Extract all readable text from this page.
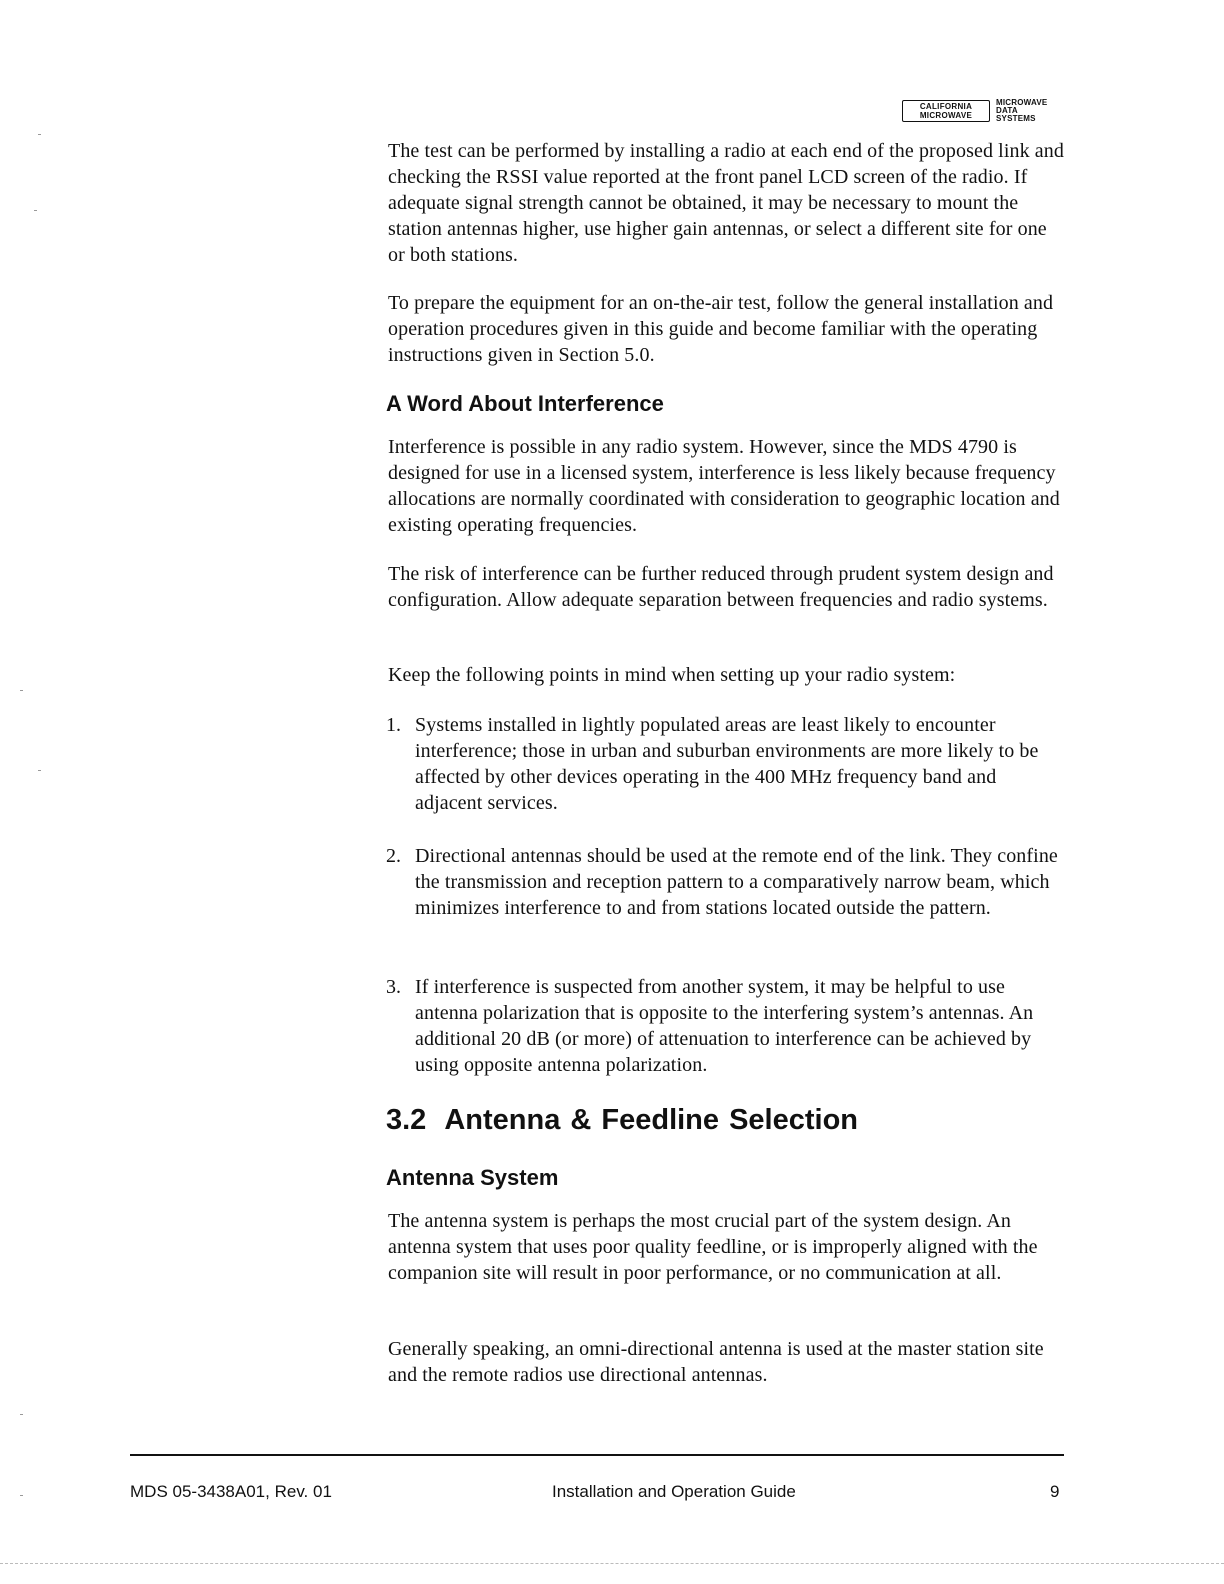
CALIFORNIA
MICROWAVE
MICROWAVE
DATA
SYSTEMS

The test can be performed by installing a radio at each end of the proposed link and checking the RSSI value reported at the front panel LCD screen of the radio. If adequate signal strength cannot be obtained, it may be necessary to mount the station antennas higher, use higher gain antennas, or select a different site for one or both stations.

To prepare the equipment for an on-the-air test, follow the general installation and operation procedures given in this guide and become familiar with the operating instructions given in Section 5.0.

A Word About Interference

Interference is possible in any radio system. However, since the MDS 4790 is designed for use in a licensed system, interference is less likely because frequency allocations are normally coordinated with consideration to geographic location and existing operating frequencies.

The risk of interference can be further reduced through prudent system design and configuration. Allow adequate separation between frequencies and radio systems.

Keep the following points in mind when setting up your radio system:

1. Systems installed in lightly populated areas are least likely to encounter interference; those in urban and suburban environments are more likely to be affected by other devices operating in the 400 MHz frequency band and adjacent services.

2. Directional antennas should be used at the remote end of the link. They confine the transmission and reception pattern to a comparatively narrow beam, which minimizes interference to and from stations located outside the pattern.

3. If interference is suspected from another system, it may be helpful to use antenna polarization that is opposite to the interfering system’s antennas. An additional 20 dB (or more) of attenuation to interference can be achieved by using opposite antenna polarization.

3.2 Antenna & Feedline Selection
Antenna System

The antenna system is perhaps the most crucial part of the system design. An antenna system that uses poor quality feedline, or is improperly aligned with the companion site will result in poor performance, or no communication at all.

Generally speaking, an omni-directional antenna is used at the master station site and the remote radios use directional antennas.

MDS 05-3438A01, Rev. 01	Installation and Operation Guide	9
